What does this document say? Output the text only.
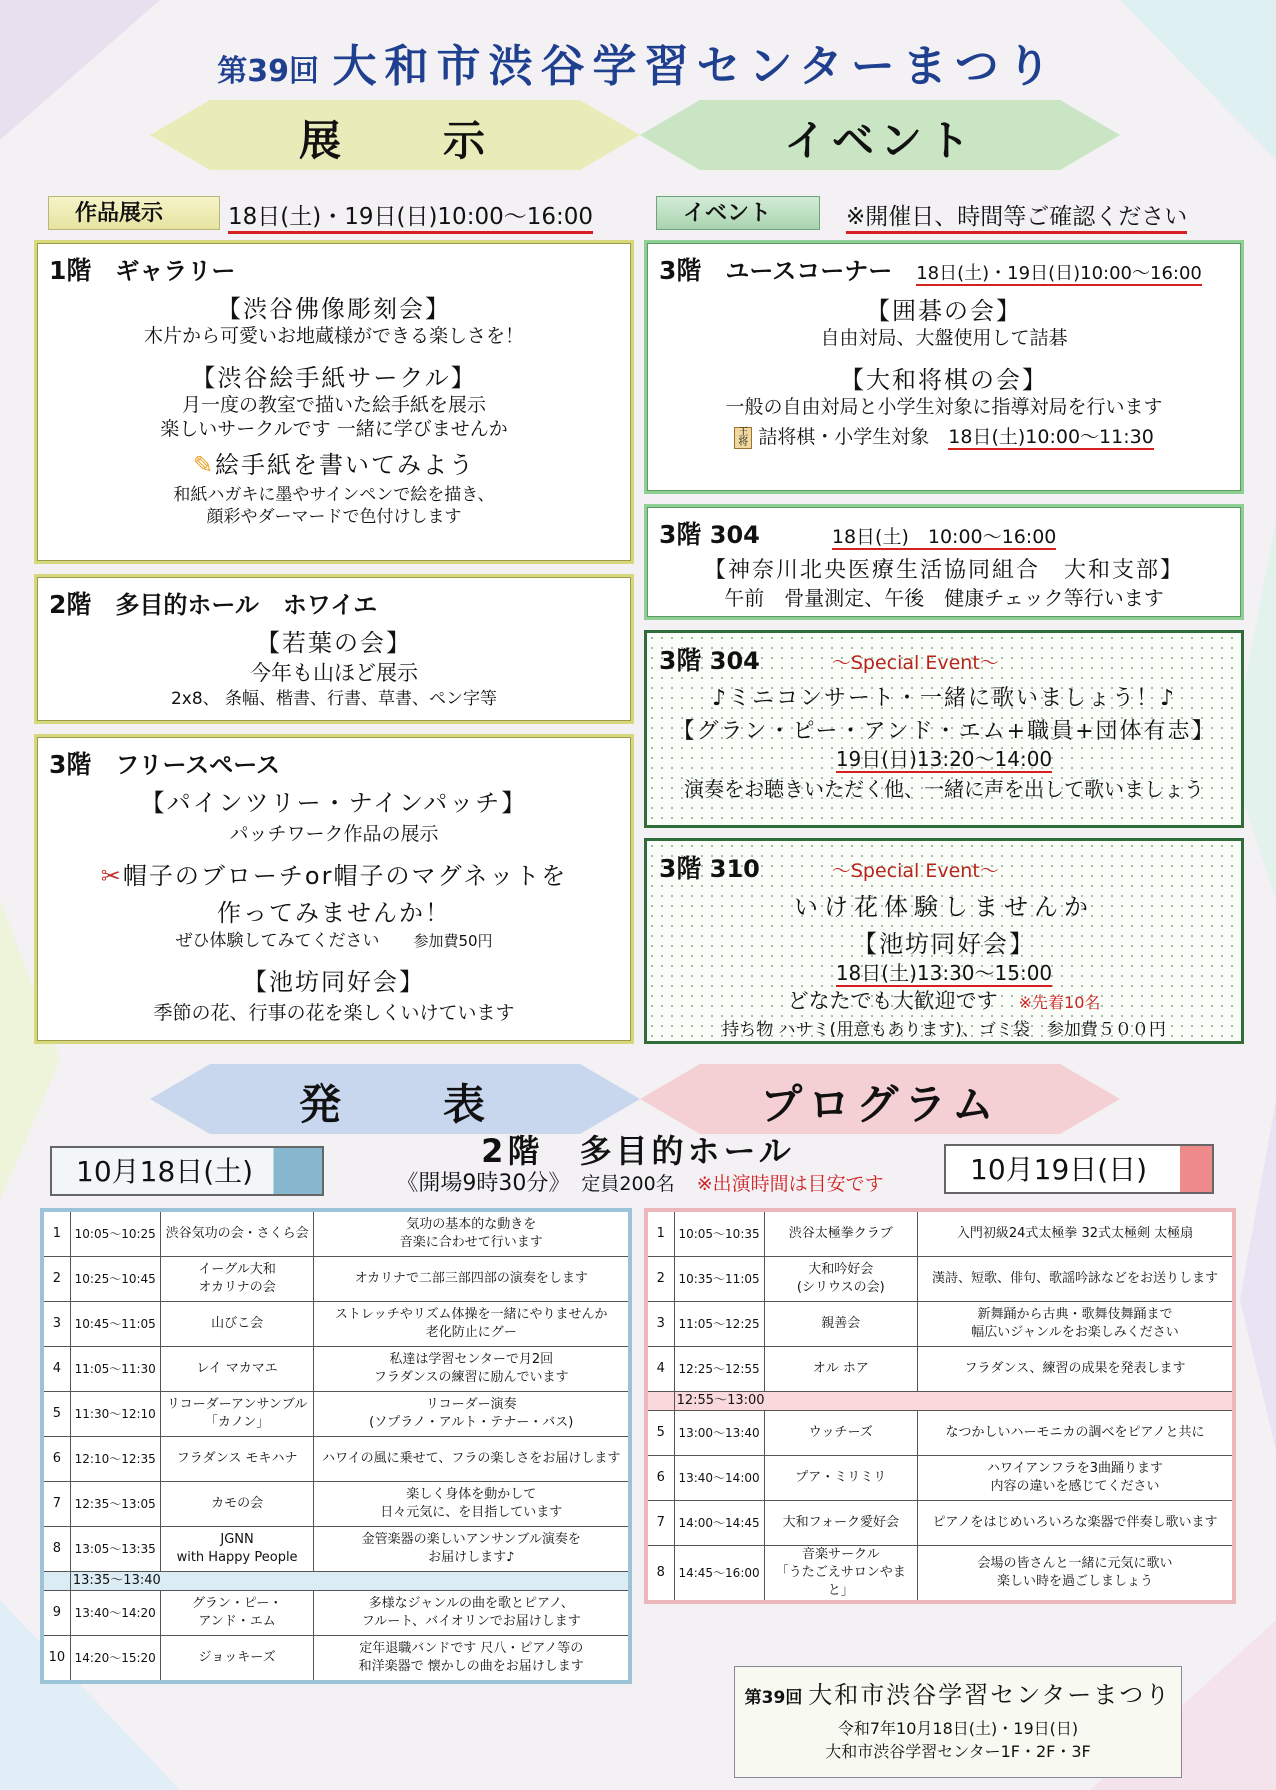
第39回 大和市渋谷学習センターまつり
展　　示	イベント
作品展示	18日(土)・19日(日)10:00〜16:00	イベント	※開催日、時間等ご確認ください
1階　 ギャラリー
【渋谷佛像彫刻会】
木片から可愛いお地蔵様ができる楽しさを！
【渋谷絵手紙サークル】
月一度の教室で描いた絵手紙を展示
楽しいサークルです 一緒に学びませんか
✎絵手紙を書いてみよう
和紙ハガキに墨やサインペンで絵を描き、
顔彩やダーマードで色付けします
2階　 多目的ホール　ホワイエ
【若葉の会】
今年も山ほど展示
2x8、 条幅、楷書、行書、草書、ペン字等
3階　 フリースペース
【パインツリー・ナインパッチ】
パッチワーク作品の展示
✂帽子のブローチor帽子のマグネットを
作ってみませんか！
ぜひ体験してみてください　　 参加費50円
【池坊同好会】
季節の花、行事の花を楽しくいけています
3階　 ユースコーナー　 18日(土)・19日(日)10:00〜16:00
【囲碁の会】
自由対局、大盤使用して詰碁
【大和将棋の会】
一般の自由対局と小学生対象に指導対局を行います
王将 詰将棋・小学生対象　 18日(土)10:00〜11:30
3階 304　　　	18日(土)　10:00〜16:00
【神奈川北央医療生活協同組合　大和支部】
午前　骨量測定、午後　健康チェック等行います
3階 304　　　	〜Special Event〜
♪ミニコンサート・一緒に歌いましょう！♪
【グラン・ピー・アンド・エム+職員+団体有志】
19日(日)13:20〜14:00
演奏をお聴きいただく他、一緒に声を出して歌いましょう
3階 310　　　	〜Special Event〜
いけ花体験しませんか
【池坊同好会】
18日(土)13:30〜15:00
どなたでも大歓迎です　 ※先着10名
持ち物 ハサミ(用意もあります)、ゴミ袋　参加費５００円
発　　表	プログラム
2階　多目的ホール
《開場9時30分》　 定員200名　 ※出演時間は目安です
10月18日(土)	10月19日(日)
1	10:05〜10:25	渋谷気功の会・さくら会	気功の基本的な動きを
音楽に合わせて行います
2	10:25〜10:45	イーグル大和
オカリナの会	オカリナで二部三部四部の演奏をします
3	10:45〜11:05	山びこ会	ストレッチやリズム体操を一緒にやりませんか
老化防止にグー
4	11:05〜11:30	レイ マカマエ	私達は学習センターで月2回
フラダンスの練習に励んでいます
5	11:30〜12:10	リコーダーアンサンブル
「カノン」	リコーダー演奏
(ソプラノ・アルト・テナー・バス)
6	12:10〜12:35	フラダンス モキハナ	ハワイの風に乗せて、フラの楽しさをお届けします
7	12:35〜13:05	カモの会	楽しく身体を動かして
日々元気に、を目指しています
8	13:05〜13:35	JGNN
with Happy People	金管楽器の楽しいアンサンブル演奏を
お届けします♪
	13:35〜13:40		
9	13:40〜14:20	グラン・ピー・
アンド・エム	多様なジャンルの曲を歌とピアノ、
フルート、バイオリンでお届けします
10	14:20〜15:20	ジョッキーズ	定年退職バンドです 尺八・ピアノ等の
和洋楽器で 懐かしの曲をお届けします
1	10:05〜10:35	渋谷太極拳クラブ	入門初級24式太極拳 32式太極剣 太極扇
2	10:35〜11:05	大和吟好会
(シリウスの会)	漢詩、短歌、俳句、歌謡吟詠などをお送りします
3	11:05〜12:25	親善会	新舞踊から古典・歌舞伎舞踊まで
幅広いジャンルをお楽しみください
4	12:25〜12:55	オル ホア	フラダンス、練習の成果を発表します
	12:55〜13:00		
5	13:00〜13:40	ウッチーズ	なつかしいハーモニカの調べをピアノと共に
6	13:40〜14:00	プア・ミリミリ	ハワイアンフラを3曲踊ります
内容の違いを感じてください
7	14:00〜14:45	大和フォーク愛好会	ピアノをはじめいろいろな楽器で伴奏し歌います
8	14:45〜16:00	音楽サークル
「うたごえサロンやまと」	会場の皆さんと一緒に元気に歌い
楽しい時を過ごしましょう
第39回 大和市渋谷学習センターまつり
令和7年10月18日(土)・19日(日)
大和市渋谷学習センター1F・2F・3F
